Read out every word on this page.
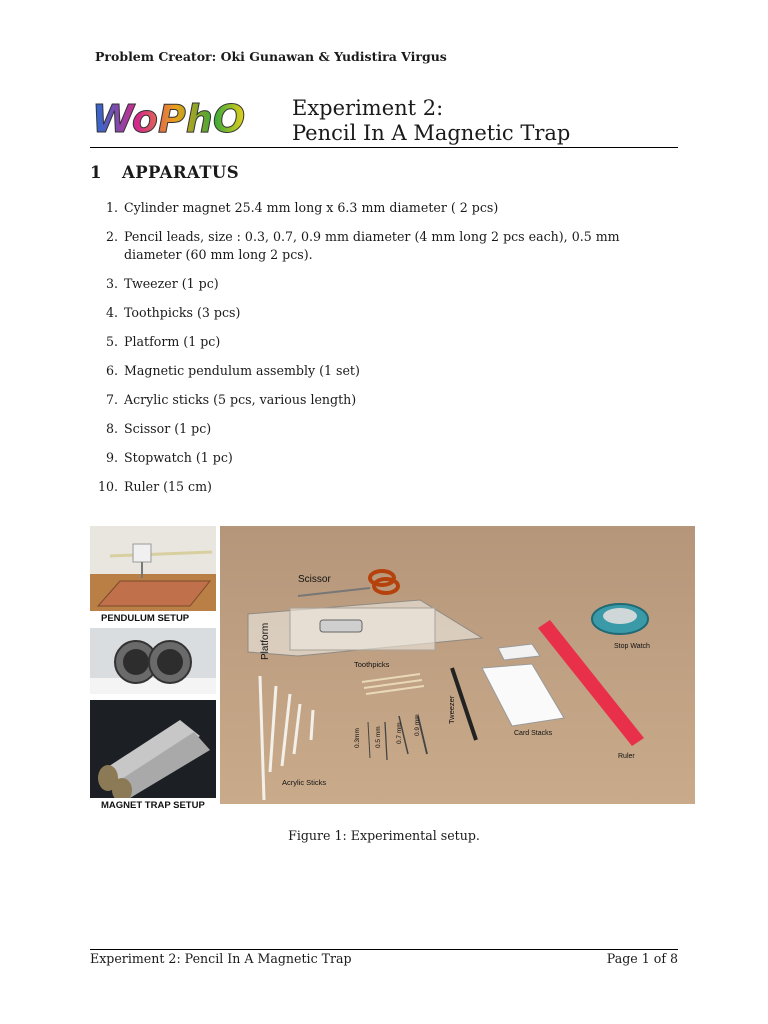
Problem Creator: Oki Gunawan & Yudistira Virgus
WoPhO Experiment 2:
Pencil In A Magnetic Trap
1 APPARATUS
1. Cylinder magnet 25.4 mm long x 6.3 mm diameter ( 2 pcs)
2. Pencil leads, size : 0.3, 0.7, 0.9 mm diameter (4 mm long 2 pcs each), 0.5 mm diameter (60 mm long 2 pcs).
3. Tweezer (1 pc)
4. Toothpicks (3 pcs)
5. Platform (1 pc)
6. Magnetic pendulum assembly (1 set)
7. Acrylic sticks (5 pcs, various length)
8. Scissor (1 pc)
9. Stopwatch (1 pc)
10. Ruler (15 cm)
PENDULUM SETUP
MAGNET TRAP SETUP
Scissor
Platform
Toothpicks
Tweezer
Card Stacks
Stop Watch
Ruler
Acrylic Sticks
0.3mm 0.5 mm 0.7 mm 0.9 mm
Figure 1: Experimental setup.
Experiment 2: Pencil In A Magnetic Trap	Page 1 of 8
